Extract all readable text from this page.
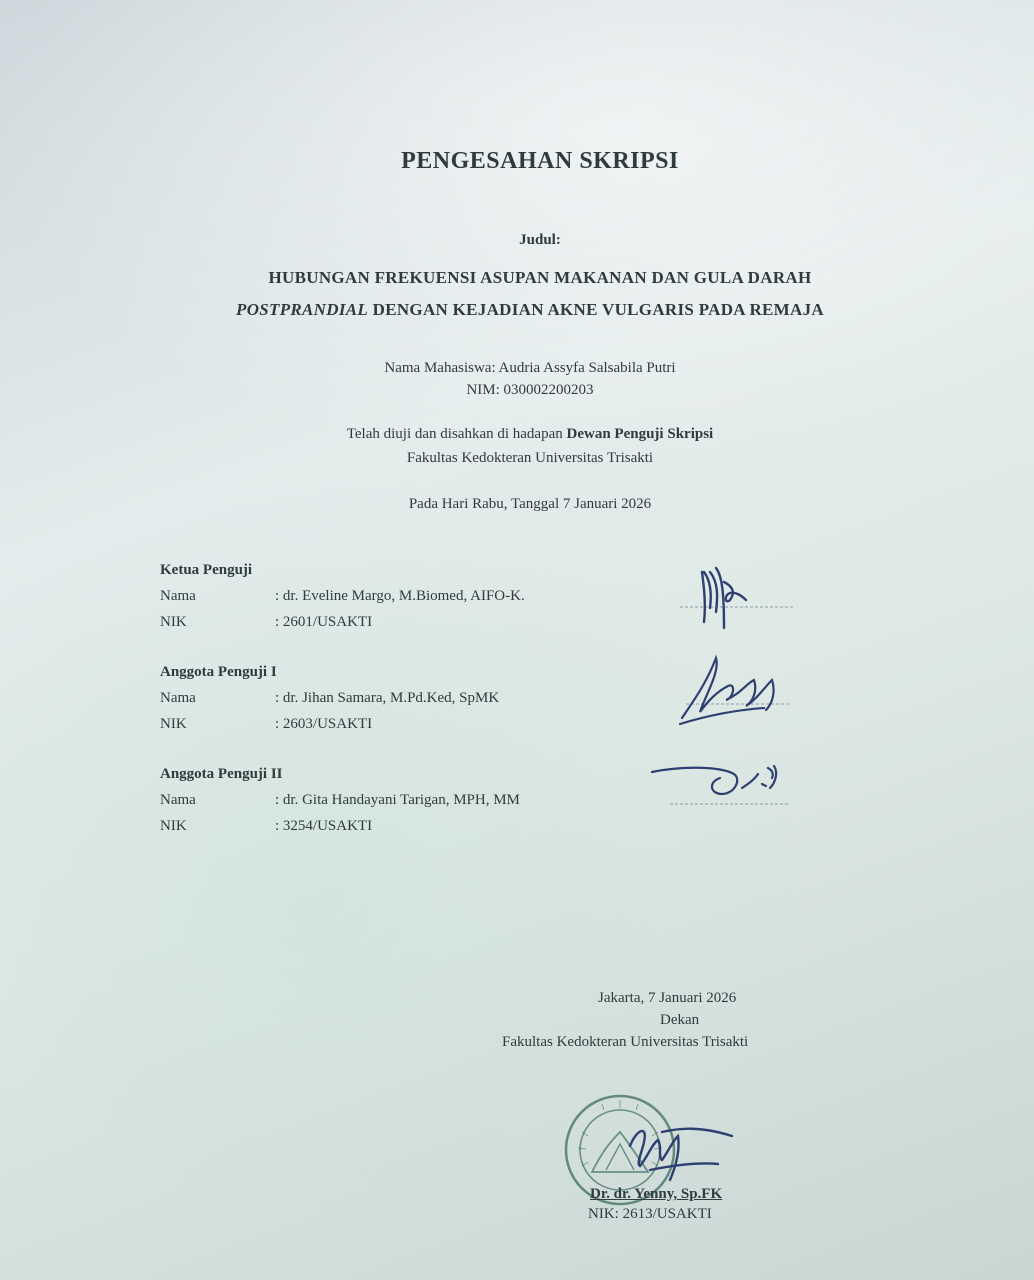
PENGESAHAN SKRIPSI
Judul:
HUBUNGAN FREKUENSI ASUPAN MAKANAN DAN GULA DARAH
POSTPRANDIAL DENGAN KEJADIAN AKNE VULGARIS PADA REMAJA
Nama Mahasiswa: Audria Assyfa Salsabila Putri
NIM: 030002200203
Telah diuji dan disahkan di hadapan Dewan Penguji Skripsi
Fakultas Kedokteran Universitas Trisakti
Pada Hari Rabu, Tanggal 7 Januari 2026
Ketua Penguji
Nama	: dr. Eveline Margo, M.Biomed, AIFO-K.
NIK	: 2601/USAKTI
Anggota Penguji I
Nama	: dr. Jihan Samara, M.Pd.Ked, SpMK
NIK	: 2603/USAKTI
Anggota Penguji II
Nama	: dr. Gita Handayani Tarigan, MPH, MM
NIK	: 3254/USAKTI
Jakarta, 7 Januari 2026
Dekan
Fakultas Kedokteran Universitas Trisakti
Dr. dr. Yenny, Sp.FK
NIK: 2613/USAKTI
